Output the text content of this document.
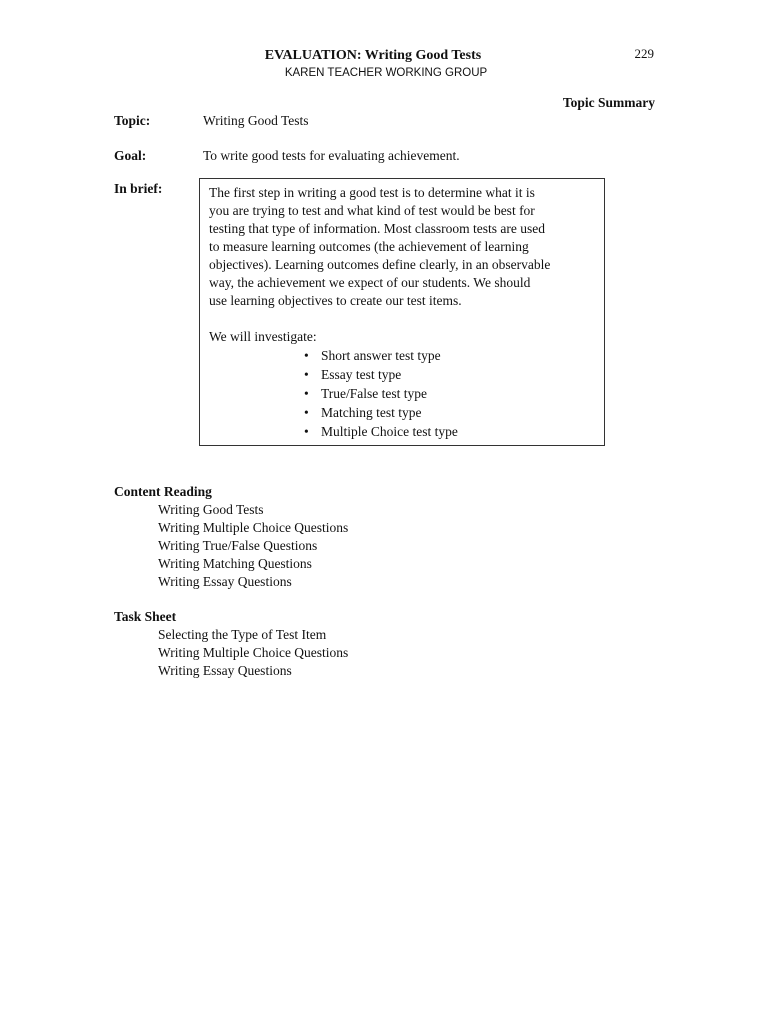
229
EVALUATION: Writing Good Tests
KAREN TEACHER WORKING GROUP
Topic Summary
Topic:	Writing Good Tests
Goal:	To write good tests for evaluating achievement.
In brief:	The first step in writing a good test is to determine what it is
you are trying to test and what kind of test would be best for
testing that type of information. Most classroom tests are used
to measure learning outcomes (the achievement of learning
objectives). Learning outcomes define clearly, in an observable
way, the achievement we expect of our students. We should
use learning objectives to create our test items.

We will investigate:

• Short answer test type
• Essay test type
• True/False test type
• Matching test type
• Multiple Choice test type
Content Reading
Writing Good Tests
Writing Multiple Choice Questions
Writing True/False Questions
Writing Matching Questions
Writing Essay Questions
Task Sheet
Selecting the Type of Test Item
Writing Multiple Choice Questions
Writing Essay Questions
